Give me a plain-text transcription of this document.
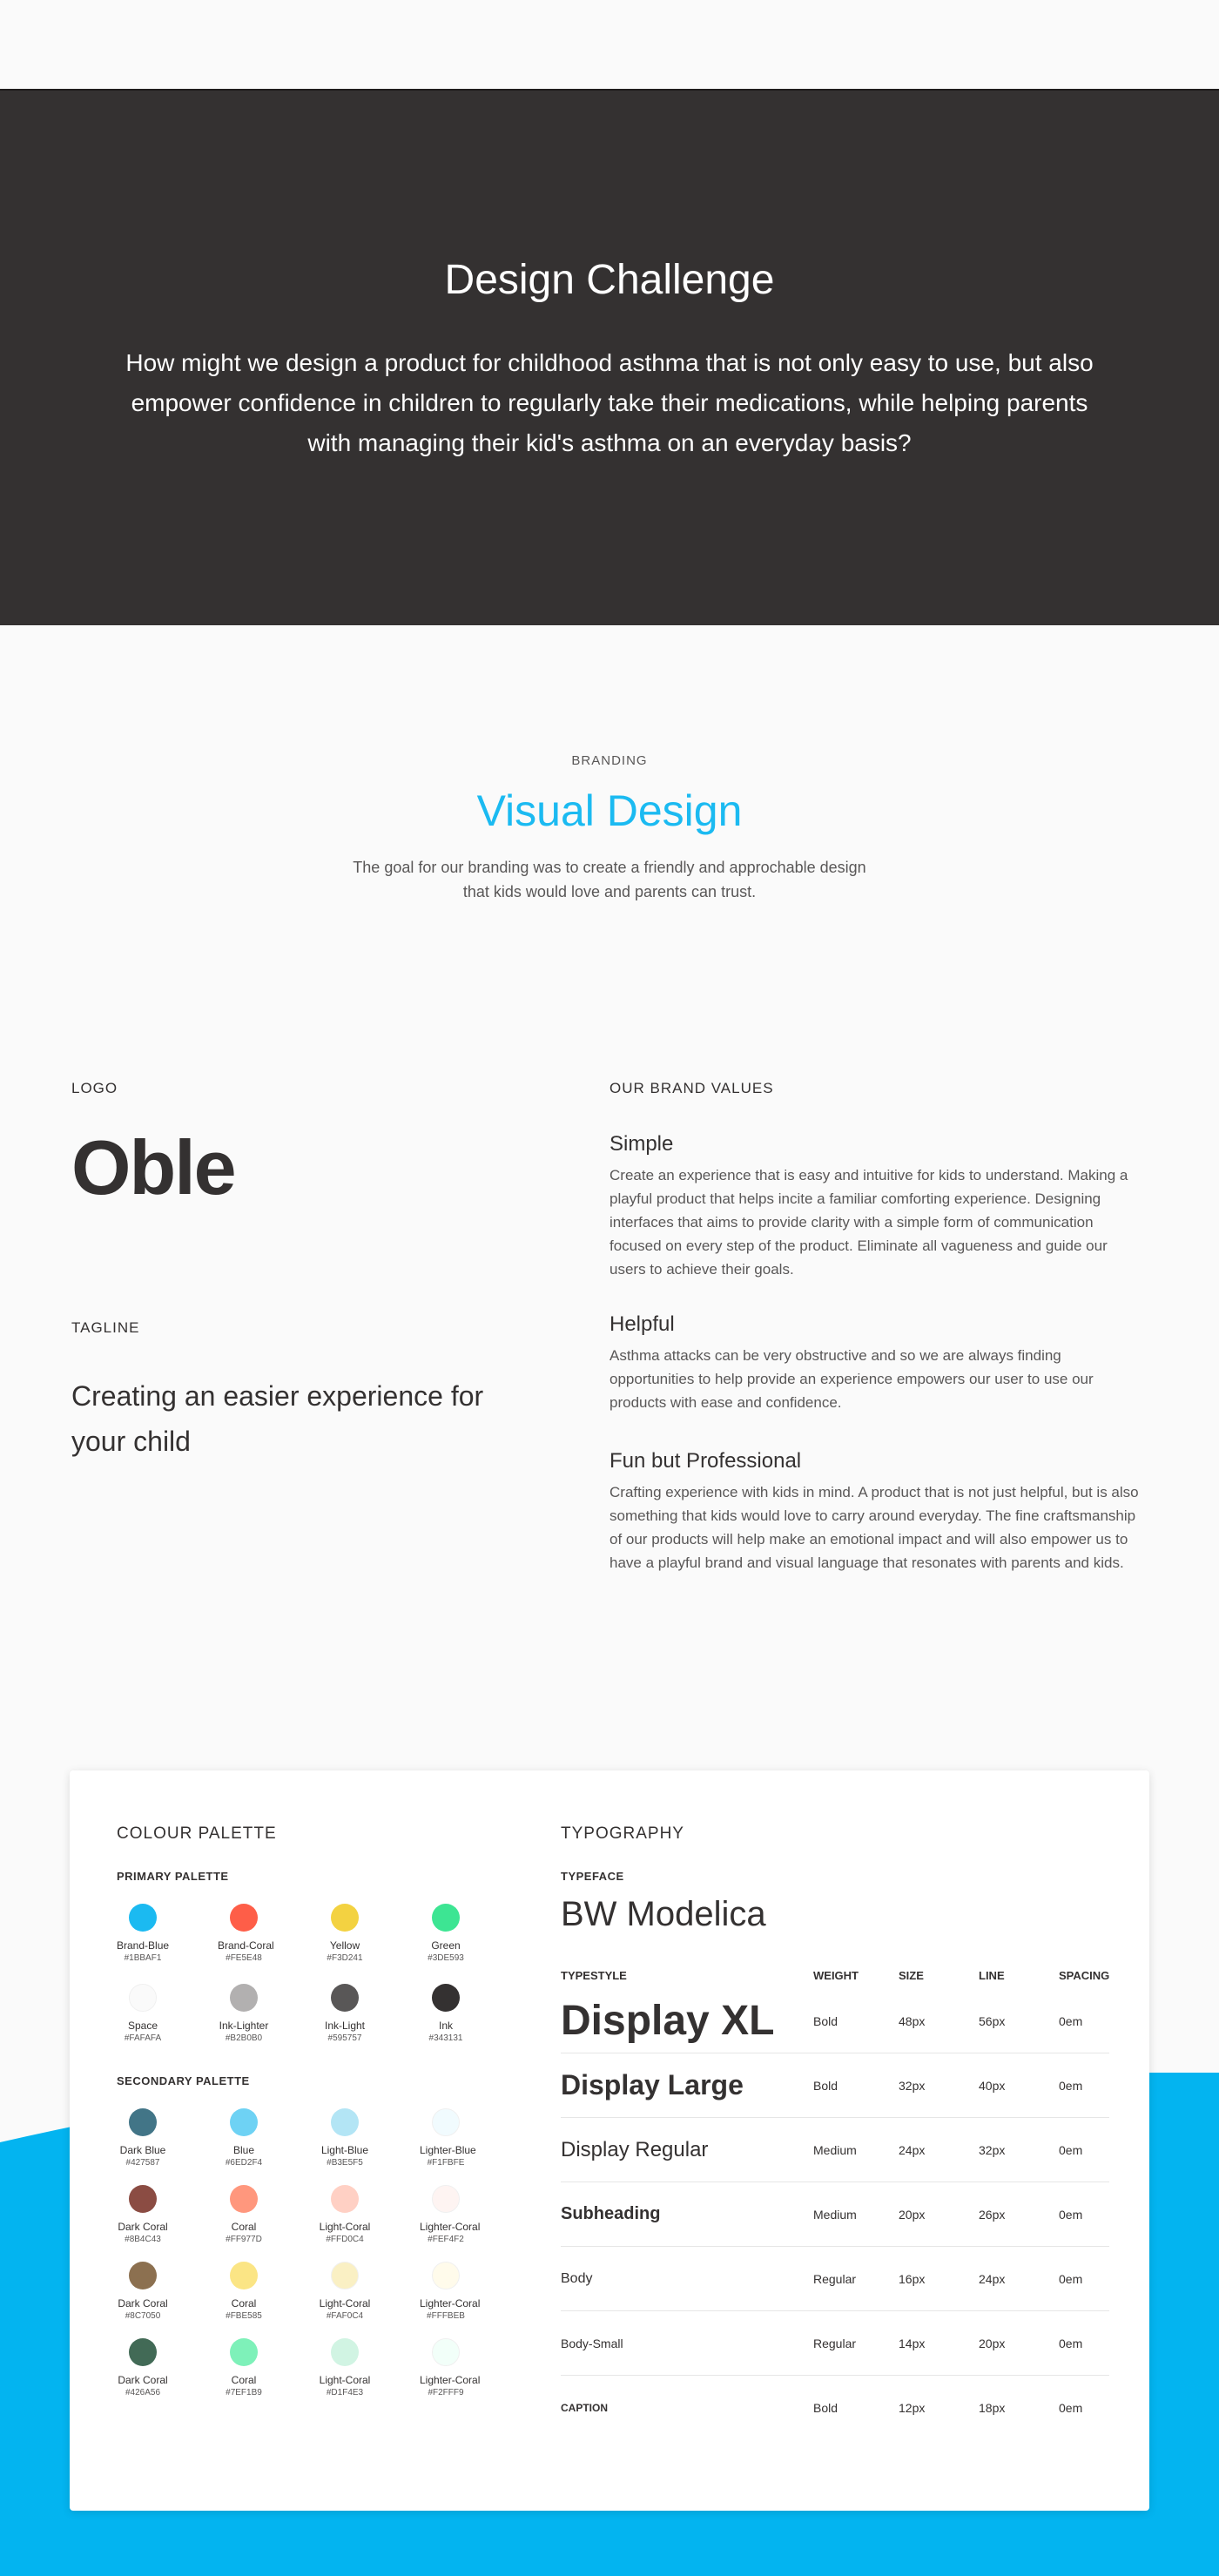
Design Challenge

How might we design a product for childhood asthma that is not only easy to use, but also empower confidence in children to regularly take their medications, while helping parents with managing their kid's asthma on an everyday basis?

BRANDING
Visual Design

The goal for our branding was to create a friendly and approchable design that kids would love and parents can trust.

LOGO
Oble
TAGLINE
Creating an easier experience for your child
OUR BRAND VALUES
Simple

Create an experience that is easy and intuitive for kids to understand. Making a playful product that helps incite a familiar comforting experience. Designing interfaces that aims to provide clarity with a simple form of communication focused on every step of the product. Eliminate all vagueness and guide our users to achieve their goals.

Helpful

Asthma attacks can be very obstructive and so we are always finding opportunities to help provide an experience empowers our user to use our products with ease and confidence.

Fun but Professional

Crafting experience with kids in mind. A product that is not just helpful, but is also something that kids would love to carry around everyday. The fine craftsmanship of our products will help make an emotional impact and will also empower us to have a playful brand and visual language that resonates with parents and kids.

COLOUR PALETTE
PRIMARY PALETTE
Brand-Blue
#1BBAF1
Brand-Coral
#FE5E48
Yellow
#F3D241
Green
#3DE593
Space
#FAFAFA
Ink-Lighter
#B2B0B0
Ink-Light
#595757
Ink
#343131
SECONDARY PALETTE
Dark Blue
#427587
Blue
#6ED2F4
Light-Blue
#B3E5F5
Lighter-Blue
#F1FBFE
Dark Coral
#8B4C43
Coral
#FF977D
Light-Coral
#FFD0C4
Lighter-Coral
#FEF4F2
Dark Coral
#8C7050
Coral
#FBE585
Light-Coral
#FAF0C4
Lighter-Coral
#FFFBEB
Dark Coral
#426A56
Coral
#7EF1B9
Light-Coral
#D1F4E3
Lighter-Coral
#F2FFF9
TYPOGRAPHY
TYPEFACE
BW Modelica
TYPESTYLE	WEIGHT	SIZE	LINE	SPACING
Display XL	Bold	48px	56px	0em
Display Large	Bold	32px	40px	0em
Display Regular	Medium	24px	32px	0em
Subheading	Medium	20px	26px	0em
Body	Regular	16px	24px	0em
Body-Small	Regular	14px	20px	0em
CAPTION	Bold	12px	18px	0em
